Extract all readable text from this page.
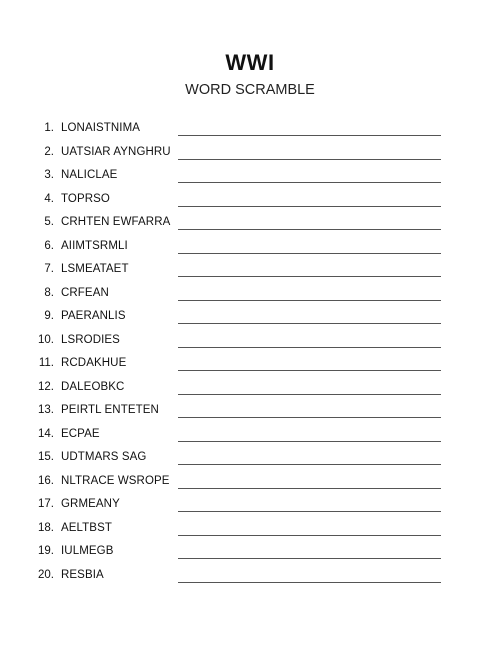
WWI
WORD SCRAMBLE
1. LONAISTNIMA
2. UATSIAR AYNGHRU
3. NALICLAE
4. TOPRSO
5. CRHTEN EWFARRA
6. AIIMTSRMLI
7. LSMEATAET
8. CRFEAN
9. PAERANLIS
10. LSRODIES
11. RCDAKHUE
12. DALEOBKC
13. PEIRTL ENTETEN
14. ECPAE
15. UDTMARS SAG
16. NLTRACE WSROPE
17. GRMEANY
18. AELTBST
19. IULMEGB
20. RESBIA
